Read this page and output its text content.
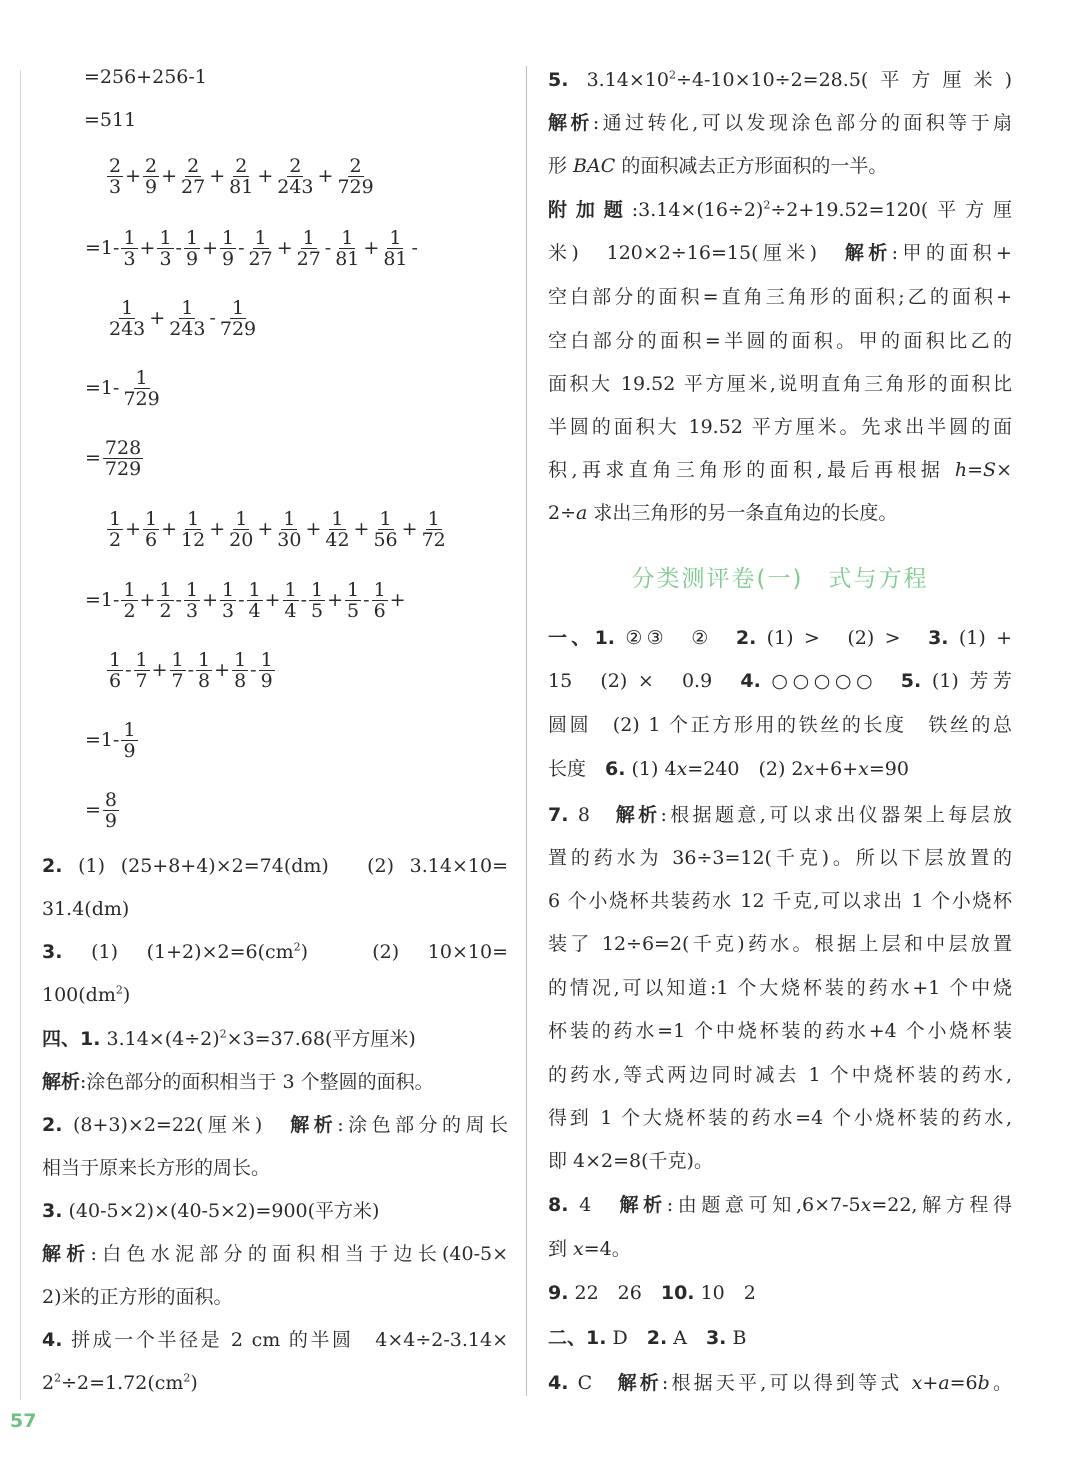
=256+256-1
=511
$\frac{2}{3} + \frac{2}{9} + \frac{2}{27} + \frac{2}{81} + \frac{2}{243} + \frac{2}{729}$
$=1- \frac{1}{3} + \frac{1}{3} - \frac{1}{9} + \frac{1}{9} - \frac{1}{27} + \frac{1}{27} - \frac{1}{81} + \frac{1}{81}$ -
$\frac{1}{243} + \frac{1}{243} - \frac{1}{729}$
$=1- \frac{1}{729}$
= $\frac{728}{729}$
$\frac{1}{2} + \frac{1}{6} + \frac{1}{12} + \frac{1}{20} + \frac{1}{30} + \frac{1}{42} + \frac{1}{56} + \frac{1}{72}$
$=1- \frac{1}{2} + \frac{1}{2} - \frac{1}{3} + \frac{1}{3} - \frac{1}{4} + \frac{1}{4} - \frac{1}{5} + \frac{1}{5} - \frac{1}{6}$ +
$\frac{1}{6} - \frac{1}{7} + \frac{1}{7} - \frac{1}{8} + \frac{1}{8} - \frac{1}{9}$
$=1- \frac{1}{9}$
= $\frac{8}{9}$
2. (1) (25+8+4)×2=74(dm)　(2) 3.14×10=
31.4(dm)
3. (1) $(1+2)\times 2=6(cm^2)$　(2) 10×10=
$100(dm^2)$
四、1. $3.14\times(4\div 2)^2\times 3=37.68$(平方厘米)
解析:涂色部分的面积相当于 3 个整圆的面积。
2. (8+3)×2=22(厘米)　解析:涂色部分的周长
相当于原来长方形的周长。
3. (40-5×2)×(40-5×2)=900(平方米)
解析:白色水泥部分的面积相当于边长(40-5×
2)米的正方形的面积。
4. 拼成一个半径是 2 cm 的半圆　4×4÷2-3.14×
$2^2\div 2=1.72(cm^2)$
5. $3.14\times 10^2\div 4-10\times 10\div 2=28.5$(平方厘米)
解析:通过转化,可以发现涂色部分的面积等于扇
形 BAC 的面积减去正方形面积的一半。
附加题$:3.14\times(16\div 2)^2\div 2+19.52=120$(平方厘
米)　120×2÷16=15(厘米)　解析:甲的面积+
空白部分的面积=直角三角形的面积;乙的面积+
空白部分的面积=半圆的面积。甲的面积比乙的
面积大 19.52 平方厘米,说明直角三角形的面积比
半圆的面积大 19.52 平方厘米。先求出半圆的面
积,再求直角三角形的面积,最后再根据 h=S×
2÷a 求出三角形的另一条直角边的长度。
分类测评卷(一)　式与方程
一、1. ②③　②　2. (1) >　(2) >　3. (1) +
15　(2) ×　0.9　4. ○○○○○　5. (1) 芳芳
圆圆　(2) 1 个正方形用的铁丝的长度　铁丝的总
长度　6. (1) 4x=240　(2) 2x+6+x=90
7. 8　解析:根据题意,可以求出仪器架上每层放
置的药水为 36÷3=12(千克)。所以下层放置的
6 个小烧杯共装药水 12 千克,可以求出 1 个小烧杯
装了 12÷6=2(千克)药水。根据上层和中层放置
的情况,可以知道:1 个大烧杯装的药水+1 个中烧
杯装的药水=1 个中烧杯装的药水+4 个小烧杯装
的药水,等式两边同时减去 1 个中烧杯装的药水,
得到 1 个大烧杯装的药水=4 个小烧杯装的药水,
即 4×2=8(千克)。
8. 4　解析:由题意可知,6×7-5x=22,解方程得
到 x=4。
9. 22　26　10. 10　2
二、1. D　2. A　3. B
4. C　解析:根据天平,可以得到等式 x+a=6b。
57
